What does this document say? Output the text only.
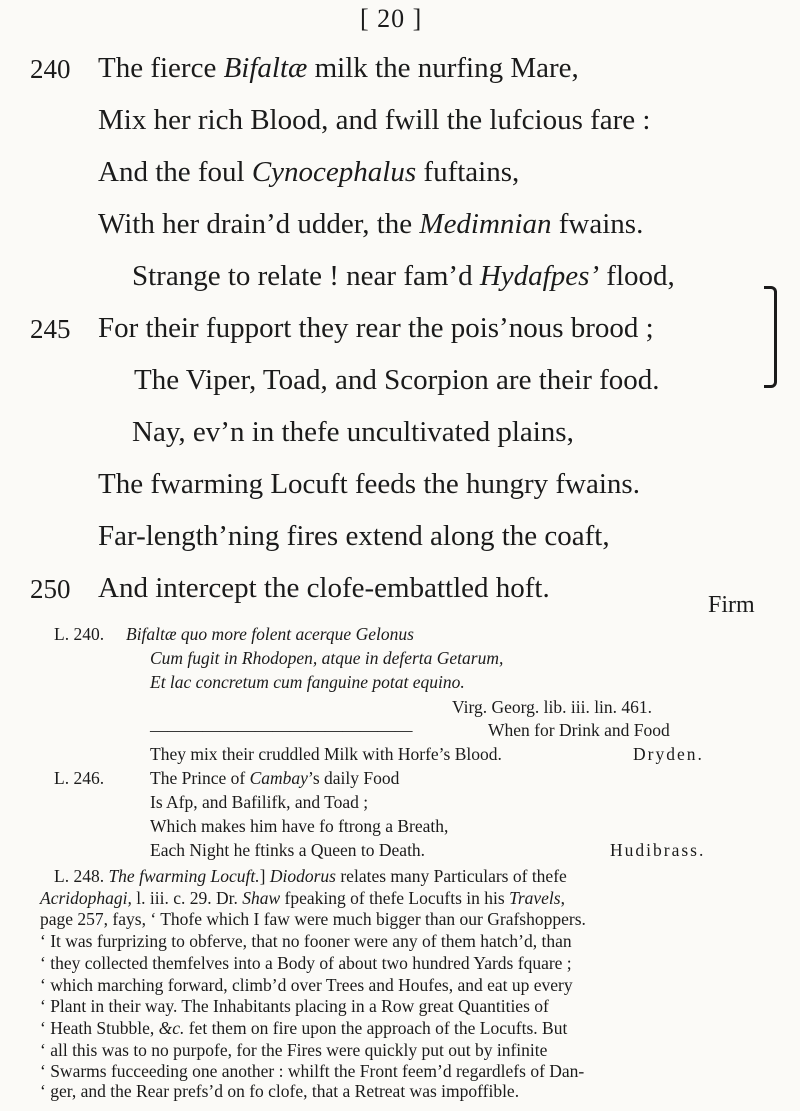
[ 20 ]
240 The fierce Bifaltæ milk the nurfing Mare,
Mix her rich Blood, and fwill the lufcious fare :
And the foul Cynocephalus fuftains,
With her drain’d udder, the Medimnian fwains.
Strange to relate ! near fam’d Hydafpes’ flood,
245 For their fupport they rear the pois’nous brood ;
The Viper, Toad, and Scorpion are their food.
Nay, ev’n in thefe uncultivated plains,
The fwarming Locuft feeds the hungry fwains.
Far-length’ning fires extend along the coaft,
250 And intercept the clofe-embattled hoft.
Firm
L. 240. Bifaltæ quo more folent acerque Gelonus
Cum fugit in Rhodopen, atque in deferta Getarum,
Et lac concretum cum fanguine potat equino.
Virg. Georg. lib. iii. lin. 461.
———————————————	When for Drink and Food
They mix their cruddled Milk with Horfe’s Blood.	Dryden.
L. 246.	The Prince of Cambay’s daily Food
Is Afp, and Bafilifk, and Toad ;
Which makes him have fo ftrong a Breath,
Each Night he ftinks a Queen to Death.	Hudibrass.
L. 248. The fwarming Locuft.] Diodorus relates many Particulars of thefe
Acridophagi, l. iii. c. 29. Dr. Shaw fpeaking of thefe Locufts in his Travels,
page 257, fays, ‘ Thofe which I faw were much bigger than our Grafshoppers.
‘ It was furprizing to obferve, that no fooner were any of them hatch’d, than
‘ they collected themfelves into a Body of about two hundred Yards fquare ;
‘ which marching forward, climb’d over Trees and Houfes, and eat up every
‘ Plant in their way. The Inhabitants placing in a Row great Quantities of
‘ Heath Stubble, &c. fet them on fire upon the approach of the Locufts. But
‘ all this was to no purpofe, for the Fires were quickly put out by infinite
‘ Swarms fucceeding one another : whilft the Front feem’d regardlefs of Dan-
‘ ger, and the Rear prefs’d on fo clofe, that a Retreat was impoffible.
